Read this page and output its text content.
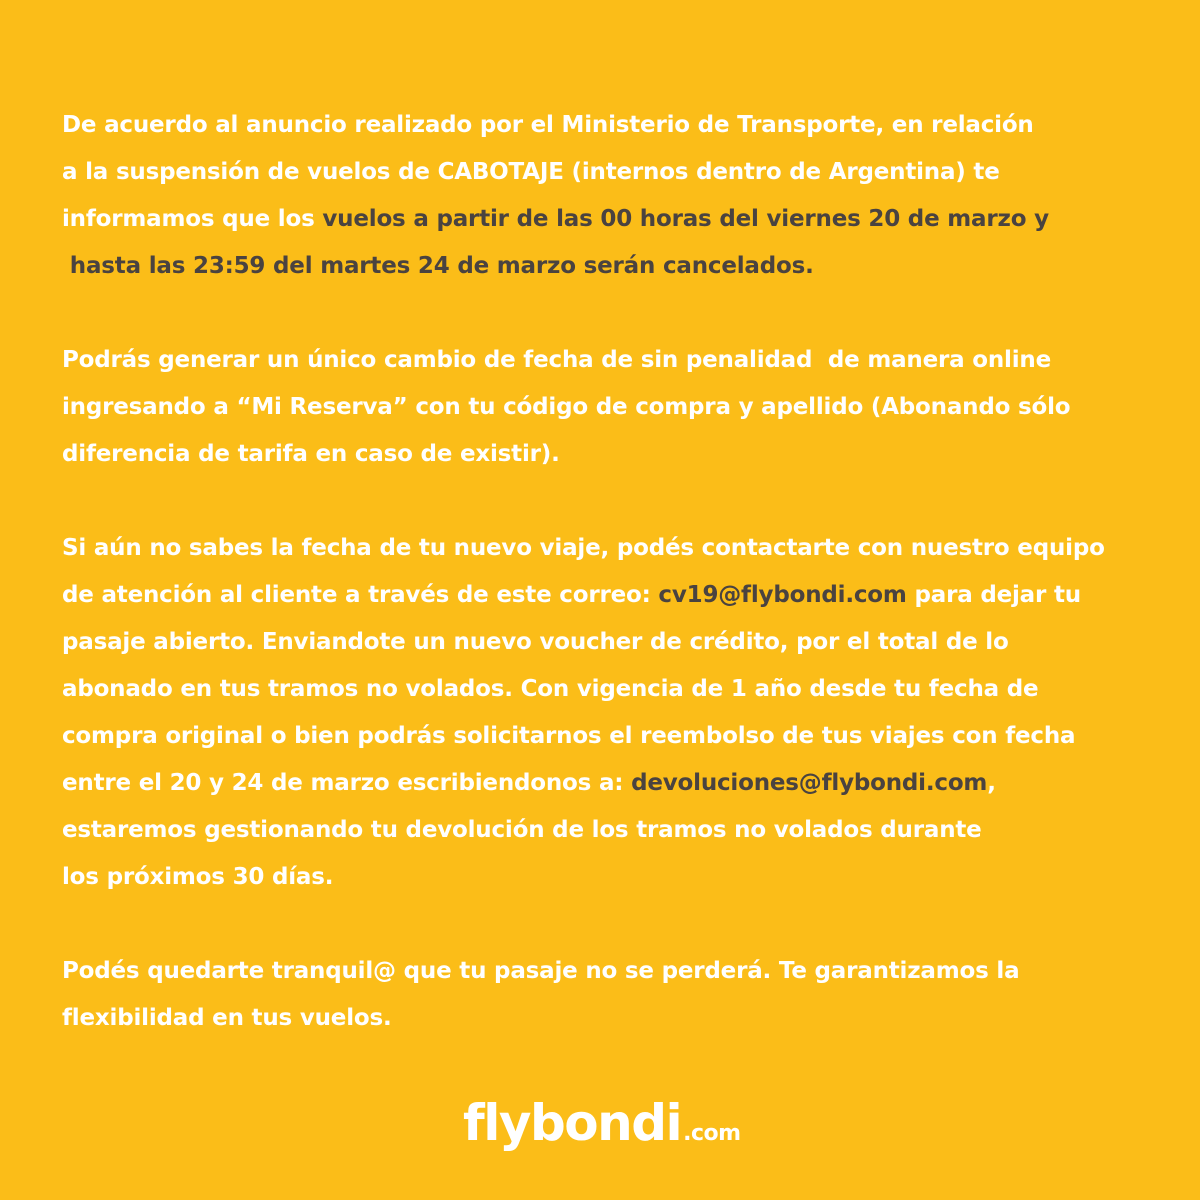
De acuerdo al anuncio realizado por el Ministerio de Transporte, en relación
a la suspensión de vuelos de CABOTAJE (internos dentro de Argentina) te
informamos que los vuelos a partir de las 00 horas del viernes 20 de marzo y
hasta las 23:59 del martes 24 de marzo serán cancelados.

Podrás generar un único cambio de fecha de sin penalidad  de manera online
ingresando a “Mi Reserva” con tu código de compra y apellido (Abonando sólo
diferencia de tarifa en caso de existir).

Si aún no sabes la fecha de tu nuevo viaje, podés contactarte con nuestro equipo
de atención al cliente a través de este correo: cv19@flybondi.com para dejar tu
pasaje abierto. Enviandote un nuevo voucher de crédito, por el total de lo
abonado en tus tramos no volados. Con vigencia de 1 año desde tu fecha de
compra original o bien podrás solicitarnos el reembolso de tus viajes con fecha
entre el 20 y 24 de marzo escribiendonos a: devoluciones@flybondi.com,
estaremos gestionando tu devolución de los tramos no volados durante
los próximos 30 días.

Podés quedarte tranquil@ que tu pasaje no se perderá. Te garantizamos la
flexibilidad en tus vuelos.

flybondi .com
